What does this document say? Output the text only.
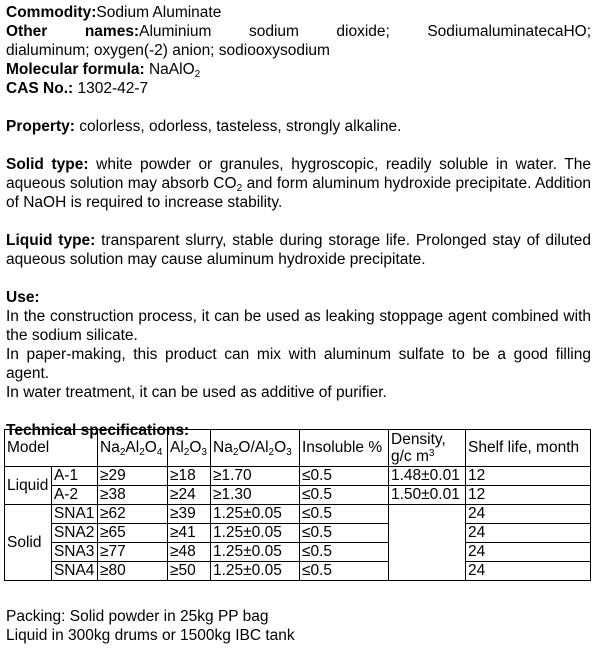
Commodity:Sodium Aluminate
Other names:Aluminium sodium dioxide; SodiumaluminatecaHO;
dialuminum; oxygen(-2) anion; sodiooxysodium
Molecular formula: NaAlO$_2$
CAS No.: 1302-42-7
Property: colorless, odorless, tasteless, strongly alkaline.
Solid type: white powder or granules, hygroscopic, readily soluble in water. The aqueous solution may absorb $CO_2$ and form aluminum hydroxide precipitate. Addition of NaOH is required to increase stability.
Liquid type: transparent slurry, stable during storage life. Prolonged stay of diluted aqueous solution may cause aluminum hydroxide precipitate.
Use:
In the construction process, it can be used as leaking stoppage agent combined with the sodium silicate.
In paper-making, this product can mix with aluminum sulfate to be a good filling agent.
In water treatment, it can be used as additive of purifier.
Technical specifications:
Model		$Na_2Al_2O_4$	$Al_2O_3$	$Na_2O/Al_2O_3$	Insoluble %	Density,
g/c $m^3$	Shelf life, month
Liquid	A-1	≥29	≥18	≥1.70	≤0.5	1.48±0.01	12
	A-2	≥38	≥24	≥1.30	≤0.5	1.50±0.01	12
Solid	SNA1	≥62	≥39	1.25±0.05	≤0.5		24
	SNA2	≥65	≥41	1.25±0.05	≤0.5		24
	SNA3	≥77	≥48	1.25±0.05	≤0.5		24
	SNA4	≥80	≥50	1.25±0.05	≤0.5		24
Packing: Solid powder in 25kg PP bag
Liquid in 300kg drums or 1500kg IBC tank
